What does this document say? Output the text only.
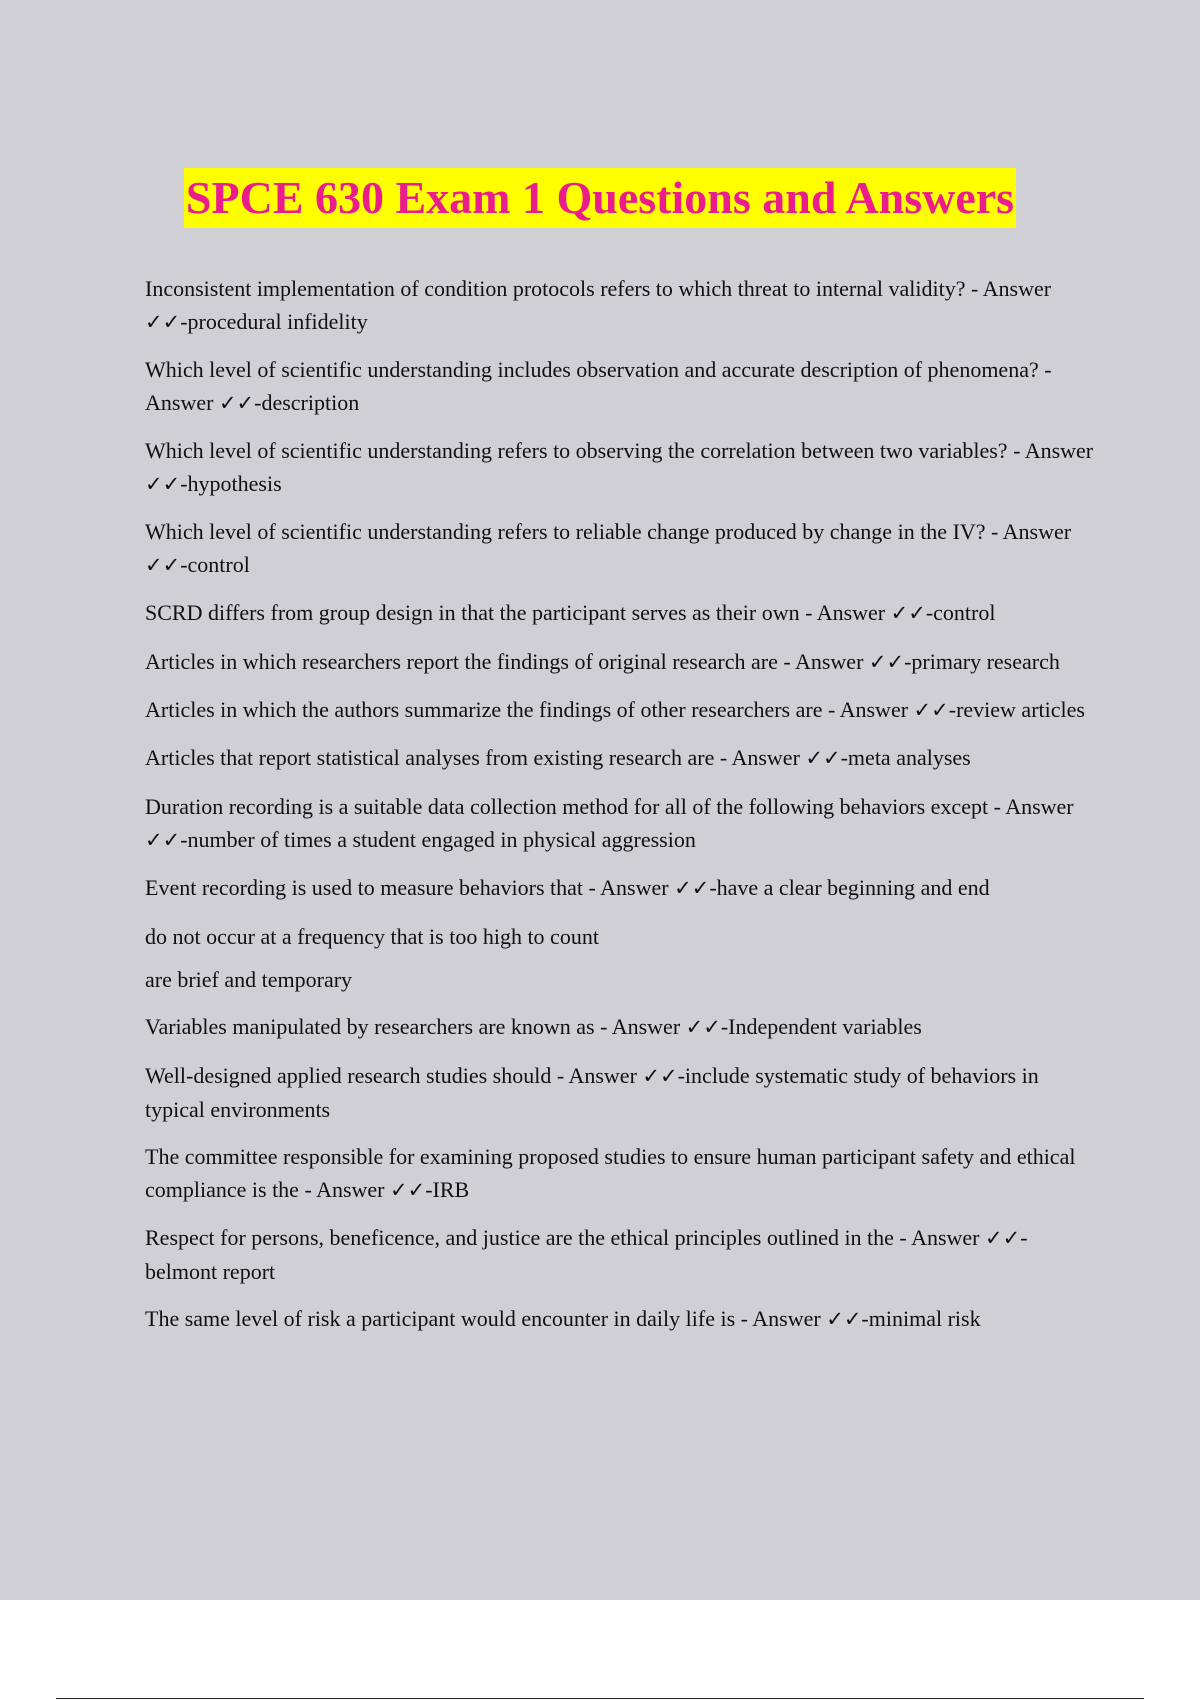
SPCE 630 Exam 1 Questions and Answers

Inconsistent implementation of condition protocols refers to which threat to internal validity? - Answer ✓✓-procedural infidelity

Which level of scientific understanding includes observation and accurate description of phenomena? - Answer ✓✓-description

Which level of scientific understanding refers to observing the correlation between two variables? - Answer ✓✓-hypothesis

Which level of scientific understanding refers to reliable change produced by change in the IV? - Answer ✓✓-control

SCRD differs from group design in that the participant serves as their own - Answer ✓✓-control

Articles in which researchers report the findings of original research are - Answer ✓✓-primary research

Articles in which the authors summarize the findings of other researchers are - Answer ✓✓-review articles

Articles that report statistical analyses from existing research are - Answer ✓✓-meta analyses

Duration recording is a suitable data collection method for all of the following behaviors except - Answer ✓✓-number of times a student engaged in physical aggression

Event recording is used to measure behaviors that - Answer ✓✓-have a clear beginning and end

do not occur at a frequency that is too high to count

are brief and temporary

Variables manipulated by researchers are known as - Answer ✓✓-Independent variables

Well-designed applied research studies should - Answer ✓✓-include systematic study of behaviors in typical environments

The committee responsible for examining proposed studies to ensure human participant safety and ethical compliance is the - Answer ✓✓-IRB

Respect for persons, beneficence, and justice are the ethical principles outlined in the - Answer ✓✓-belmont report

The same level of risk a participant would encounter in daily life is - Answer ✓✓-minimal risk
